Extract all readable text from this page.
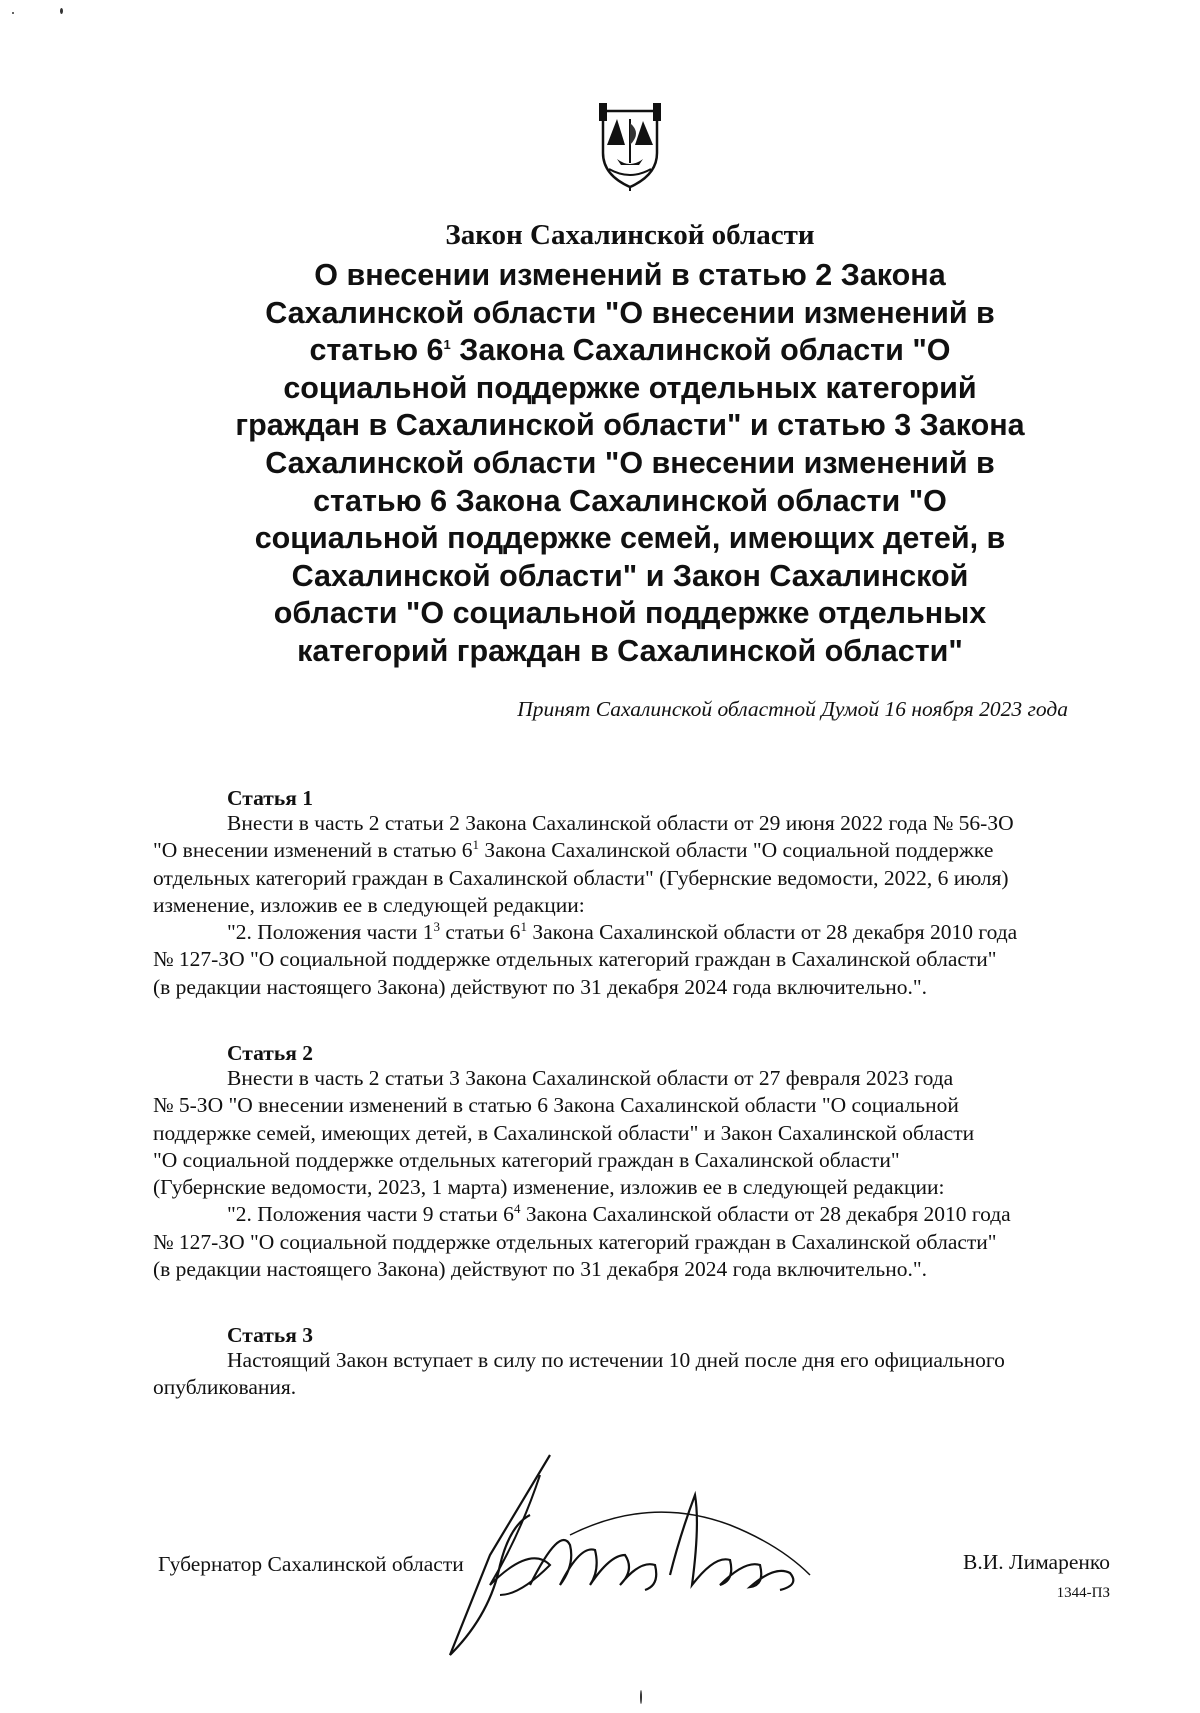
Закон Сахалинской области
О внесении изменений в статью 2 Закона
Сахалинской области "О внесении изменений в
статью $6^1$ Закона Сахалинской области "О
социальной поддержке отдельных категорий
граждан в Сахалинской области" и статью 3 Закона
Сахалинской области "О внесении изменений в
статью 6 Закона Сахалинской области "О
социальной поддержке семей, имеющих детей, в
Сахалинской области" и Закон Сахалинской
области "О социальной поддержке отдельных
категорий граждан в Сахалинской области"
Принят Сахалинской областной Думой 16 ноября 2023 года
Статья 1
Внести в часть 2 статьи 2 Закона Сахалинской области от 29 июня 2022 года № 56-ЗО
"О внесении изменений в статью $6^1$ Закона Сахалинской области "О социальной поддержке
отдельных категорий граждан в Сахалинской области" (Губернские ведомости, 2022, 6 июля)
изменение, изложив ее в следующей редакции:
"2. Положения части $1^3$ статьи $6^1$ Закона Сахалинской области от 28 декабря 2010 года
№ 127-ЗО "О социальной поддержке отдельных категорий граждан в Сахалинской области"
(в редакции настоящего Закона) действуют по 31 декабря 2024 года включительно.".
Статья 2
Внести в часть 2 статьи 3 Закона Сахалинской области от 27 февраля 2023 года
№ 5-ЗО "О внесении изменений в статью 6 Закона Сахалинской области "О социальной
поддержке семей, имеющих детей, в Сахалинской области" и Закон Сахалинской области
"О социальной поддержке отдельных категорий граждан в Сахалинской области"
(Губернские ведомости, 2023, 1 марта) изменение, изложив ее в следующей редакции:
"2. Положения части 9 статьи $6^4$ Закона Сахалинской области от 28 декабря 2010 года
№ 127-ЗО "О социальной поддержке отдельных категорий граждан в Сахалинской области"
(в редакции настоящего Закона) действуют по 31 декабря 2024 года включительно.".
Статья 3
Настоящий Закон вступает в силу по истечении 10 дней после дня его официального
опубликования.
Губернатор Сахалинской области	В.И. Лимаренко
1344-ПЗ
